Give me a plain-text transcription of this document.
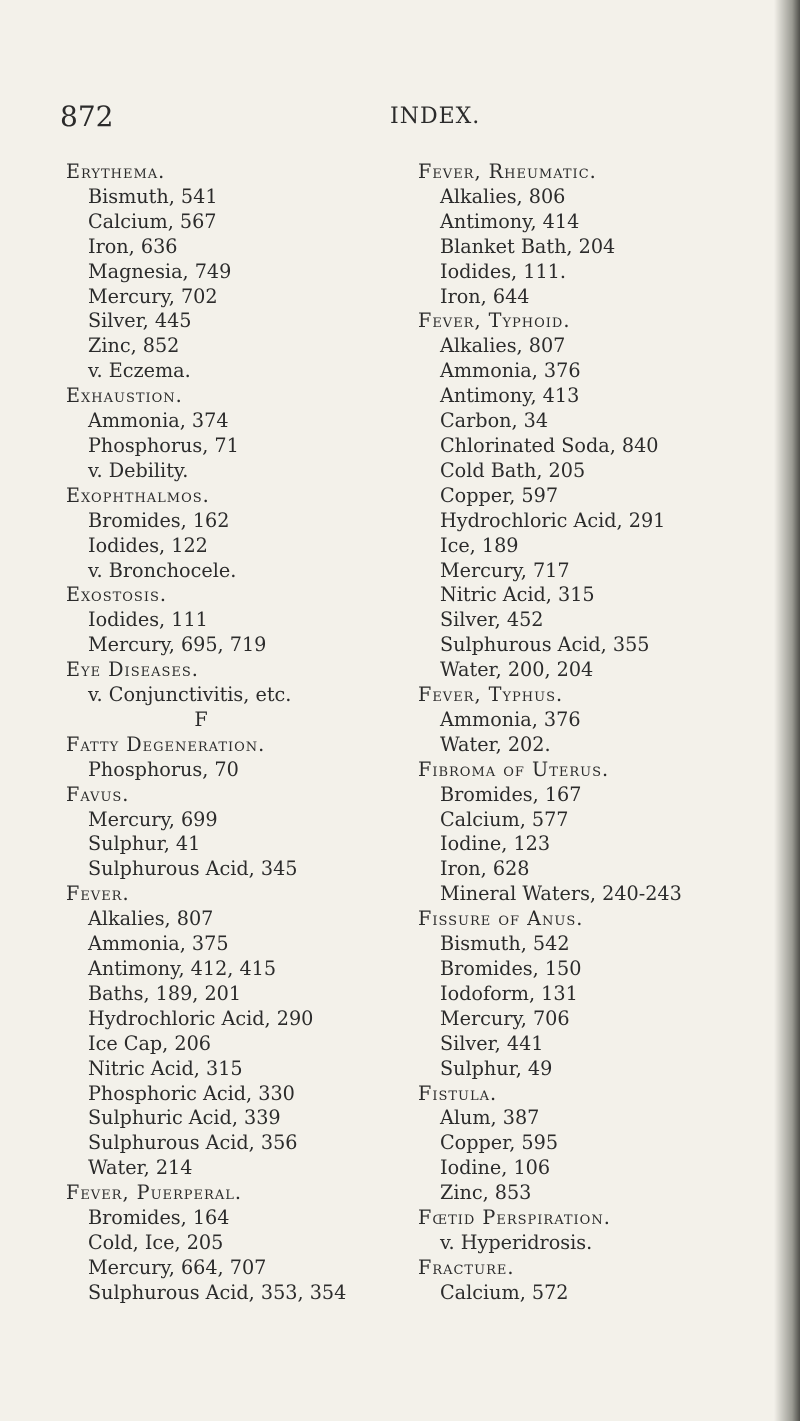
872	INDEX.
Erythema.
Bismuth, 541
Calcium, 567
Iron, 636
Magnesia, 749
Mercury, 702
Silver, 445
Zinc, 852
v. Eczema.
Exhaustion.
Ammonia, 374
Phosphorus, 71
v. Debility.
Exophthalmos.
Bromides, 162
Iodides, 122
v. Bronchocele.
Exostosis.
Iodides, 111
Mercury, 695, 719
Eye Diseases.
v. Conjunctivitis, etc.
F
Fatty Degeneration.
Phosphorus, 70
Favus.
Mercury, 699
Sulphur, 41
Sulphurous Acid, 345
Fever.
Alkalies, 807
Ammonia, 375
Antimony, 412, 415
Baths, 189, 201
Hydrochloric Acid, 290
Ice Cap, 206
Nitric Acid, 315
Phosphoric Acid, 330
Sulphuric Acid, 339
Sulphurous Acid, 356
Water, 214
Fever, Puerperal.
Bromides, 164
Cold, Ice, 205
Mercury, 664, 707
Sulphurous Acid, 353, 354
Fever, Rheumatic.
Alkalies, 806
Antimony, 414
Blanket Bath, 204
Iodides, 111.
Iron, 644
Fever, Typhoid.
Alkalies, 807
Ammonia, 376
Antimony, 413
Carbon, 34
Chlorinated Soda, 840
Cold Bath, 205
Copper, 597
Hydrochloric Acid, 291
Ice, 189
Mercury, 717
Nitric Acid, 315
Silver, 452
Sulphurous Acid, 355
Water, 200, 204
Fever, Typhus.
Ammonia, 376
Water, 202.
Fibroma of Uterus.
Bromides, 167
Calcium, 577
Iodine, 123
Iron, 628
Mineral Waters, 240-243
Fissure of Anus.
Bismuth, 542
Bromides, 150
Iodoform, 131
Mercury, 706
Silver, 441
Sulphur, 49
Fistula.
Alum, 387
Copper, 595
Iodine, 106
Zinc, 853
Fœtid Perspiration.
v. Hyperidrosis.
Fracture.
Calcium, 572
